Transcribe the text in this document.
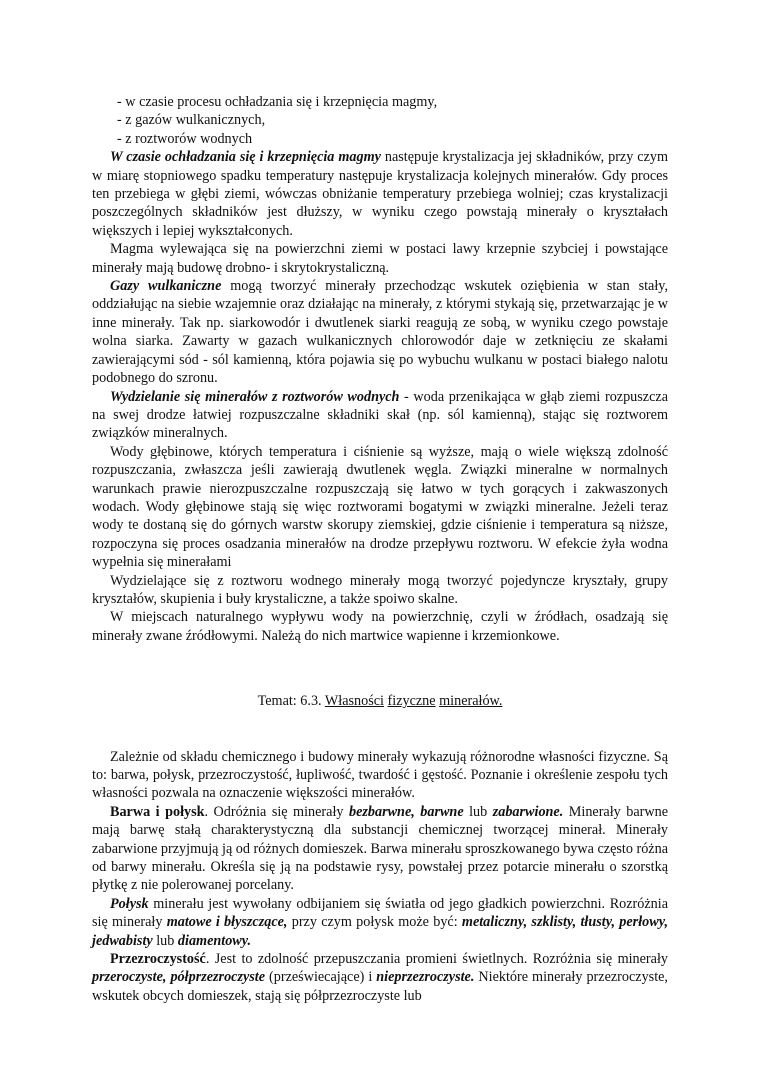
- w czasie procesu ochładzania się i krzepnięcia magmy,
- z gazów wulkanicznych,
- z roztworów wodnych

W czasie ochładzania się i krzepnięcia magmy następuje krystalizacja jej składników, przy czym w miarę stopniowego spadku temperatury następuje krystalizacja kolejnych minerałów. Gdy proces ten przebiega w głębi ziemi, wówczas obniżanie temperatury przebiega wolniej; czas krystalizacji poszczególnych składników jest dłuższy, w wyniku czego powstają minerały o kryształach większych i lepiej wykształconych.

Magma wylewająca się na powierzchni ziemi w postaci lawy krzepnie szybciej i powstające minerały mają budowę drobno- i skrytokrystaliczną.

Gazy wulkaniczne mogą tworzyć minerały przechodząc wskutek oziębienia w stan stały, oddziałując na siebie wzajemnie oraz działając na minerały, z którymi stykają się, przetwarzając je w inne minerały. Tak np. siarkowodór i dwutlenek siarki reagują ze sobą, w wyniku czego powstaje wolna siarka. Zawarty w gazach wulkanicznych chlorowodór daje w zetknięciu ze skałami zawierającymi sód - sól kamienną, która pojawia się po wybuchu wulkanu w postaci białego nalotu podobnego do szronu.

Wydzielanie się minerałów z roztworów wodnych - woda przenikająca w głąb ziemi rozpuszcza na swej drodze łatwiej rozpuszczalne składniki skał (np. sól kamienną), stając się roztworem związków mineralnych.

Wody głębinowe, których temperatura i ciśnienie są wyższe, mają o wiele większą zdolność rozpuszczania, zwłaszcza jeśli zawierają dwutlenek węgla. Związki mineralne w normalnych warunkach prawie nierozpuszczalne rozpuszczają się łatwo w tych gorących i zakwaszonych wodach. Wody głębinowe stają się więc roztworami bogatymi w związki mineralne. Jeżeli teraz wody te dostaną się do górnych warstw skorupy ziemskiej, gdzie ciśnienie i temperatura są niższe, rozpoczyna się proces osadzania minerałów na drodze przepływu roztworu. W efekcie żyła wodna wypełnia się minerałami

Wydzielające się z roztworu wodnego minerały mogą tworzyć pojedyncze kryształy, grupy kryształów, skupienia i buły krystaliczne, a także spoiwo skalne.

W miejscach naturalnego wypływu wody na powierzchnię, czyli w źródłach, osadzają się minerały zwane źródłowymi. Należą do nich martwice wapienne i krzemionkowe.

Temat: 6.3. Własności fizyczne minerałów.

Zależnie od składu chemicznego i budowy minerały wykazują różnorodne własności fizyczne. Są to: barwa, połysk, przezroczystość, łupliwość, twardość i gęstość. Poznanie i określenie zespołu tych własności pozwala na oznaczenie większości minerałów.

Barwa i połysk. Odróżnia się minerały bezbarwne, barwne lub zabarwione. Minerały barwne mają barwę stałą charakterystyczną dla substancji chemicznej tworzącej minerał. Minerały zabarwione przyjmują ją od różnych domieszek. Barwa minerału sproszkowanego bywa często różna od barwy minerału. Określa się ją na podstawie rysy, powstałej przez potarcie minerału o szorstką płytkę z nie polerowanej porcelany.

Połysk minerału jest wywołany odbijaniem się światła od jego gładkich powierzchni. Rozróżnia się minerały matowe i błyszczące, przy czym połysk może być: metaliczny, szklisty, tłusty, perłowy, jedwabisty lub diamentowy.

Przezroczystość. Jest to zdolność przepuszczania promieni świetlnych. Rozróżnia się minerały przeroczyste, półprzezroczyste (przeświecające) i nieprzezroczyste. Niektóre minerały przezroczyste, wskutek obcych domieszek, stają się półprzezroczyste lub
